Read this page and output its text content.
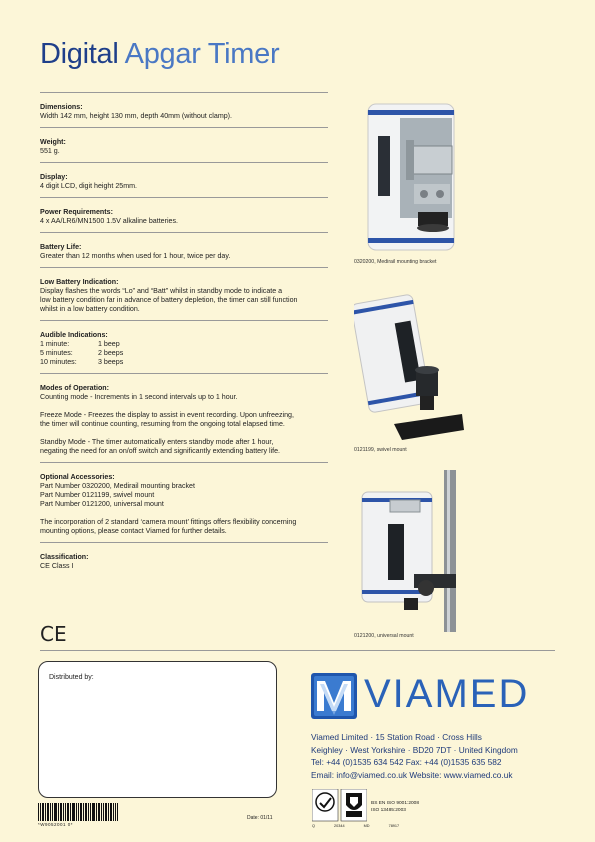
Digital Apgar Timer
Dimensions:
Width 142 mm, height 130 mm, depth 40mm (without clamp).
Weight:
551 g.
Display:
4 digit LCD, digit height 25mm.
Power Requirements:
4 x AA/LR6/MN1500 1.5V alkaline batteries.
Battery Life:
Greater than 12 months when used for 1 hour, twice per day.
Low Battery Indication:
Display flashes the words “Lo” and “Batt” whilst in standby mode to indicate a
low battery condition far in advance of battery depletion, the timer can still function
whilst in a low battery condition.
Audible Indications:
1 minute:	1 beep
5 minutes:	2 beeps
10 minutes:	3 beeps
Modes of Operation:
Counting mode - Increments in 1 second intervals up to 1 hour.
Freeze Mode - Freezes the display to assist in event recording. Upon unfreezing,
the timer will continue counting, resuming from the ongoing total elapsed time.
Standby Mode - The timer automatically enters standby mode after 1 hour,
negating the need for an on/off switch and significantly extending battery life.
Optional Accessories:
Part Number 0320200, Medirail mounting bracket
Part Number 0121199, swivel mount
Part Number 0121200, universal mount
The incorporation of 2 standard ‘camera mount’ fittings offers flexibility concerning
mounting options, please contact Viamed for further details.
Classification:
CE Class I
0320200, Medirail mounting bracket
0121199, swivel mount
0121200, universal mount
CE
Distributed by:
*W9052001 0*
Date: 01/11
VIAMED
Viamed Limited · 15 Station Road · Cross Hills
Keighley · West Yorkshire · BD20 7DT · United Kingdom
Tel: +44 (0)1535 634 542 Fax: +44 (0)1535 635 582
Email: info@viamed.co.uk Website: www.viamed.co.uk
BS EN ISO 9001:2008
ISO 13485:2003
Q 20344 MD 78917
